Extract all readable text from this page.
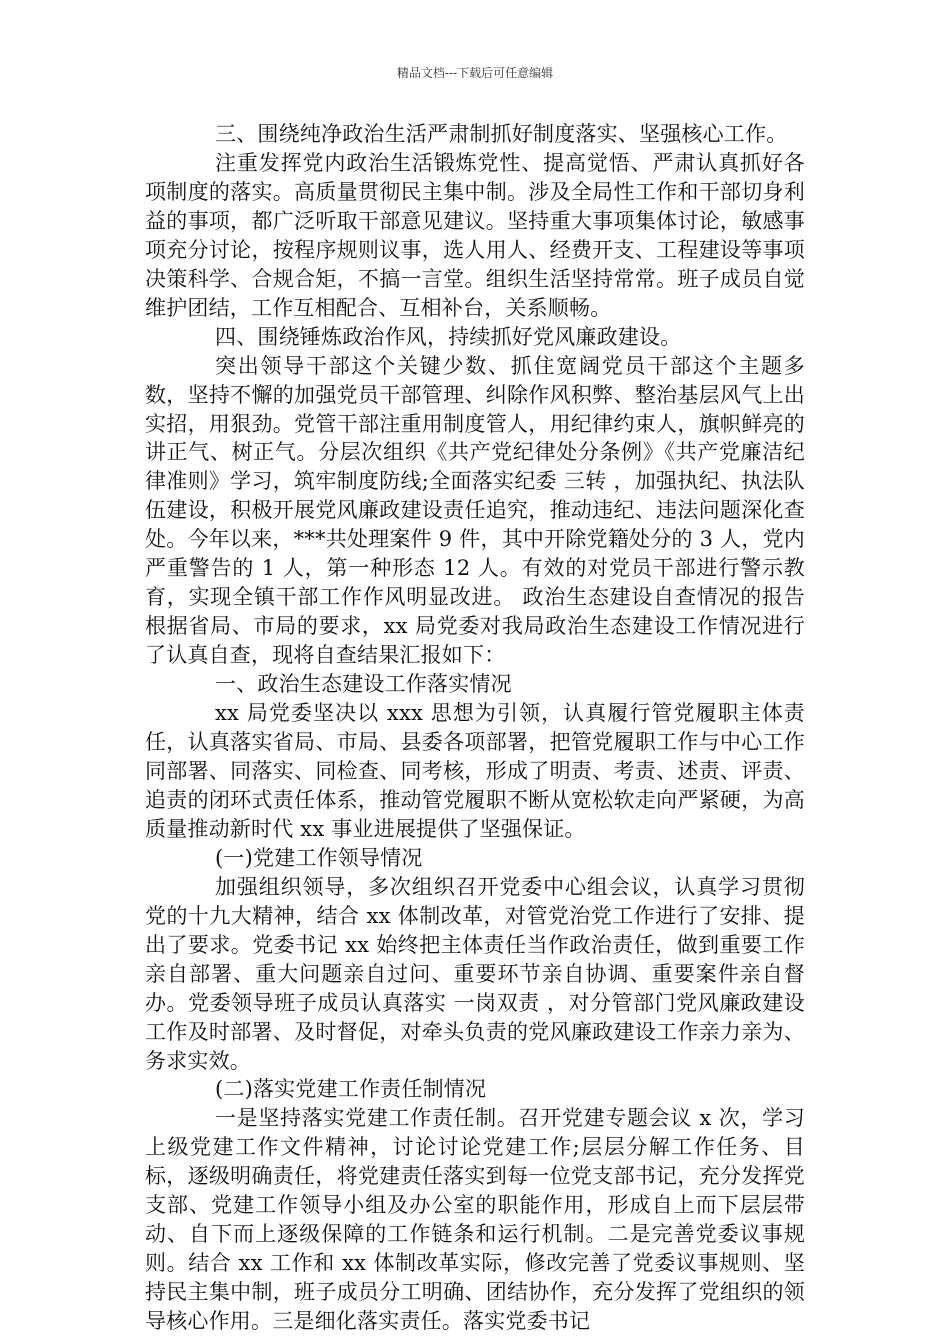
精品文档---下载后可任意编辑

三、围绕纯净政治生活严肃制抓好制度落实、坚强核心工作。

注重发挥党内政治生活锻炼党性、提高觉悟、严肃认真抓好各项制度的落实。高质量贯彻民主集中制。涉及全局性工作和干部切身利益的事项，都广泛听取干部意见建议。坚持重大事项集体讨论，敏感事项充分讨论，按程序规则议事，选人用人、经费开支、工程建设等事项决策科学、合规合矩，不搞一言堂。组织生活坚持常常。班子成员自觉维护团结，工作互相配合、互相补台，关系顺畅。

四、围绕锤炼政治作风，持续抓好党风廉政建设。

突出领导干部这个关键少数、抓住宽阔党员干部这个主题多数，坚持不懈的加强党员干部管理、纠除作风积弊、整治基层风气上出实招，用狠劲。党管干部注重用制度管人，用纪律约束人，旗帜鲜亮的讲正气、树正气。分层次组织《共产党纪律处分条例》《共产党廉洁纪律准则》学习，筑牢制度防线;全面落实纪委 三转 ，加强执纪、执法队伍建设，积极开展党风廉政建设责任追究，推动违纪、违法问题深化查处。今年以来，***共处理案件 9 件，其中开除党籍处分的 3 人，党内严重警告的 1 人，第一种形态 12 人。有效的对党员干部进行警示教育，实现全镇干部工作作风明显改进。 政治生态建设自查情况的报告 根据省局、市局的要求，xx 局党委对我局政治生态建设工作情况进行了认真自查，现将自查结果汇报如下：

一、政治生态建设工作落实情况

xx 局党委坚决以 xxx 思想为引领，认真履行管党履职主体责任，认真落实省局、市局、县委各项部署，把管党履职工作与中心工作同部署、同落实、同检查、同考核，形成了明责、考责、述责、评责、追责的闭环式责任体系，推动管党履职不断从宽松软走向严紧硬，为高质量推动新时代 xx 事业进展提供了坚强保证。

(一)党建工作领导情况

加强组织领导，多次组织召开党委中心组会议，认真学习贯彻党的十九大精神，结合 xx 体制改革，对管党治党工作进行了安排、提出了要求。党委书记 xx 始终把主体责任当作政治责任，做到重要工作亲自部署、重大问题亲自过问、重要环节亲自协调、重要案件亲自督办。党委领导班子成员认真落实 一岗双责 ，对分管部门党风廉政建设工作及时部署、及时督促，对牵头负责的党风廉政建设工作亲力亲为、务求实效。

(二)落实党建工作责任制情况

一是坚持落实党建工作责任制。召开党建专题会议 x 次，学习上级党建工作文件精神，讨论讨论党建工作;层层分解工作任务、目标，逐级明确责任，将党建责任落实到每一位党支部书记，充分发挥党支部、党建工作领导小组及办公室的职能作用，形成自上而下层层带动、自下而上逐级保障的工作链条和运行机制。二是完善党委议事规则。结合 xx 工作和 xx 体制改革实际，修改完善了党委议事规则、坚持民主集中制，班子成员分工明确、团结协作，充分发挥了党组织的领导核心作用。三是细化落实责任。落实党委书记
